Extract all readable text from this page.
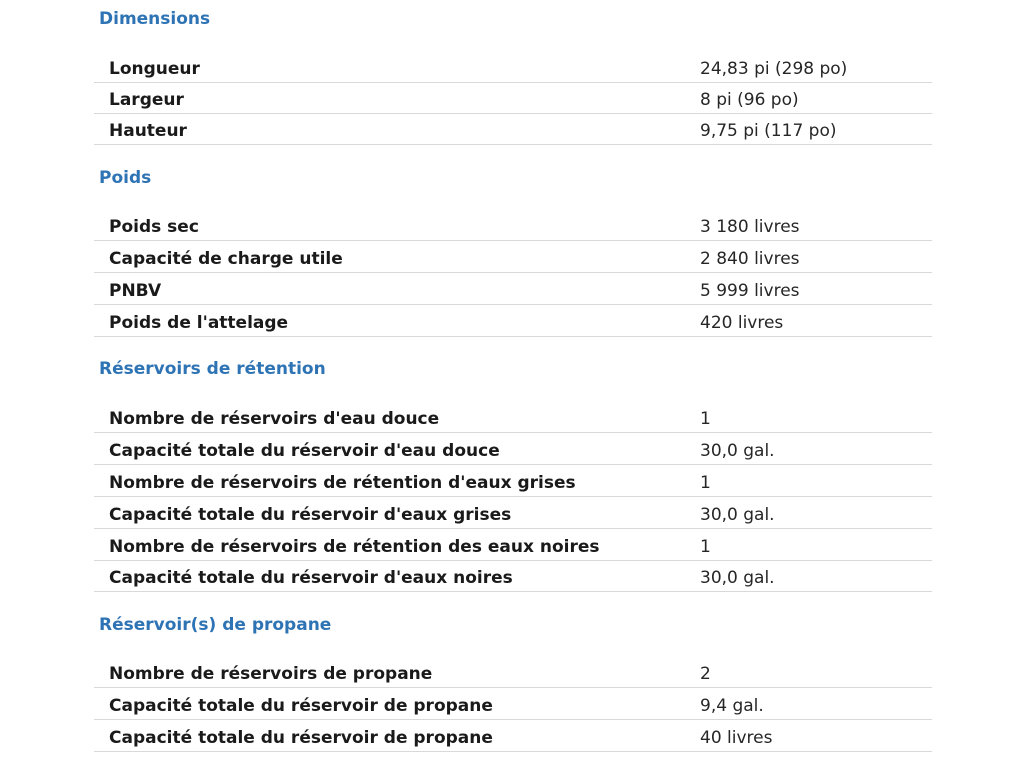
Dimensions
Longueur	24,83 pi (298 po)
Largeur	8 pi (96 po)
Hauteur	9,75 pi (117 po)
Poids
Poids sec	3 180 livres
Capacité de charge utile	2 840 livres
PNBV	5 999 livres
Poids de l'attelage	420 livres
Réservoirs de rétention
Nombre de réservoirs d'eau douce	1
Capacité totale du réservoir d'eau douce	30,0 gal.
Nombre de réservoirs de rétention d'eaux grises	1
Capacité totale du réservoir d'eaux grises	30,0 gal.
Nombre de réservoirs de rétention des eaux noires	1
Capacité totale du réservoir d'eaux noires	30,0 gal.
Réservoir(s) de propane
Nombre de réservoirs de propane	2
Capacité totale du réservoir de propane	9,4 gal.
Capacité totale du réservoir de propane	40 livres
